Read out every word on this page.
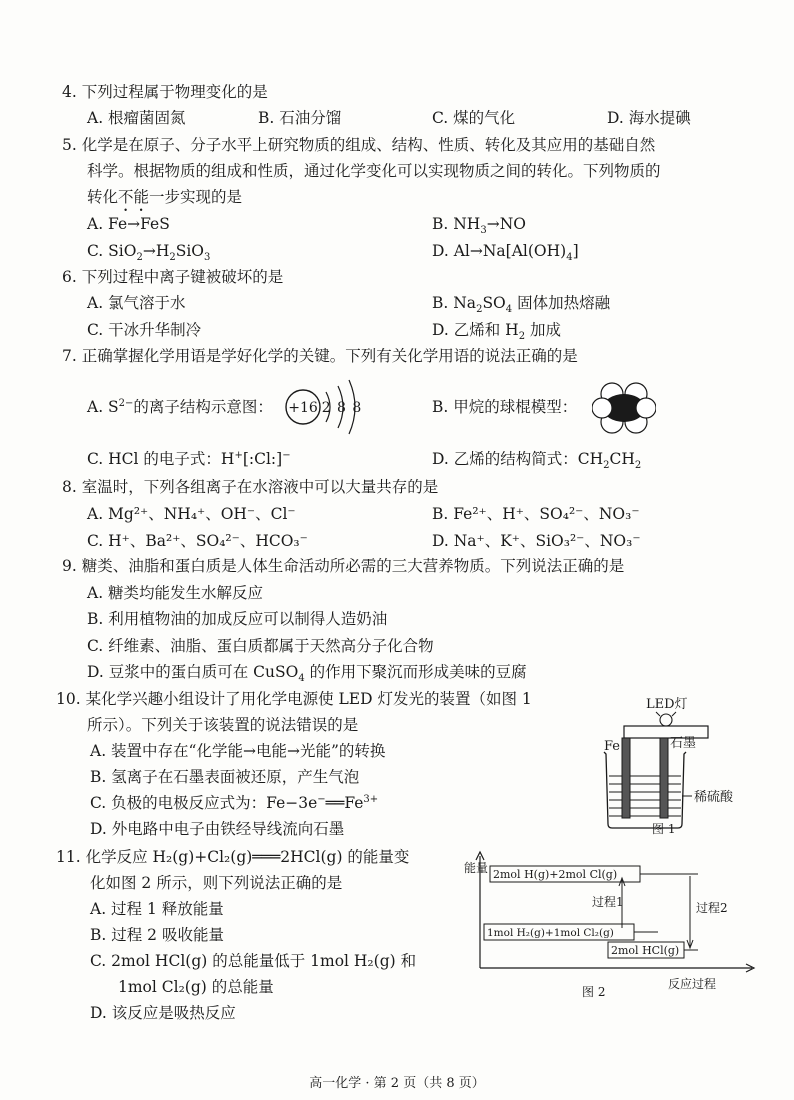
4. 下列过程属于物理变化的是
A. 根瘤菌固氮	B. 石油分馏	C. 煤的气化	D. 海水提碘
5. 化学是在原子、分子水平上研究物质的组成、结构、性质、转化及其应用的基础自然
科学。根据物质的组成和性质，通过化学变化可以实现物质之间的转化。下列物质的
转化不能一步实现的是
A. Fe→FeS	B. $NH_3\to NO$
C. $SiO_2\to H_2SiO_3$	D. $Al\to Na[Al(OH)_4]$
6. 下列过程中离子键被破坏的是
A. 氯气溶于水	B. $Na_2SO_4$ 固体加热熔融
C. 干冰升华制冷	D. 乙烯和 $H_2$ 加成
7. 正确掌握化学用语是学好化学的关键。下列有关化学用语的说法正确的是
A. $S^{2-}$的离子结构示意图： +16 2 8 8	B. 甲烷的球棍模型：
C. HCl 的电子式：H+[:Cl:]−	D. 乙烯的结构简式：$CH_2CH_2$
8. 室温时，下列各组离子在水溶液中可以大量共存的是
A. Mg²⁺、NH₄⁺、OH⁻、Cl⁻	B. Fe²⁺、H⁺、SO₄²⁻、NO₃⁻
C. H⁺、Ba²⁺、SO₄²⁻、HCO₃⁻	D. Na⁺、K⁺、SiO₃²⁻、NO₃⁻
9. 糖类、油脂和蛋白质是人体生命活动所必需的三大营养物质。下列说法正确的是
A. 糖类均能发生水解反应
B. 利用植物油的加成反应可以制得人造奶油
C. 纤维素、油脂、蛋白质都属于天然高分子化合物
D. 豆浆中的蛋白质可在 CuSO$_4$ 的作用下聚沉而形成美味的豆腐
10. 某化学兴趣小组设计了用化学电源使 LED 灯发光的装置（如图 1
所示）。下列关于该装置的说法错误的是
A. 装置中存在“化学能→电能→光能”的转换
B. 氢离子在石墨表面被还原，产生气泡
C. 负极的电极反应式为：$Fe-3e^-══Fe^{3+}$
D. 外电路中电子由铁经导线流向石墨
LED灯
Fe	石墨
稀硫酸
图 1
11. 化学反应 H₂(g)+Cl₂(g)═══2HCl(g) 的能量变
化如图 2 所示，则下列说法正确的是
A. 过程 1 释放能量
B. 过程 2 吸收能量
C. 2mol HCl(g) 的总能量低于 1mol H₂(g) 和
1mol Cl₂(g) 的总能量
D. 该反应是吸热反应
能量 2mol H(g)+2mol Cl(g)
1mol H₂(g)+1mol Cl₂(g)
过程1
2mol HCl(g)
过程2
反应过程
图 2
高一化学 · 第 2 页（共 8 页）
